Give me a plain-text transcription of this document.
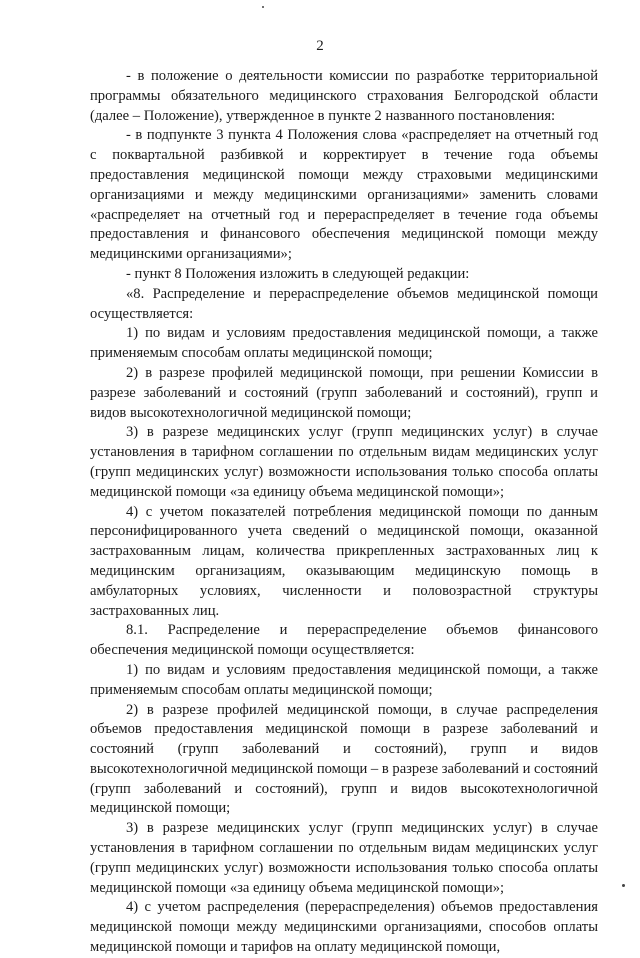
2

- в положение о деятельности комиссии по разработке территориальной программы обязательного медицинского страхования Белгородской области (далее – Положение), утвержденное в пункте 2 названного постановления:

- в подпункте 3 пункта 4 Положения слова «распределяет на отчетный год с поквартальной разбивкой и корректирует в течение года объемы предоставления медицинской помощи между страховыми медицинскими организациями и между медицинскими организациями» заменить словами «распределяет на отчетный год и перераспределяет в течение года объемы предоставления и финансового обеспечения медицинской помощи между медицинскими организациями»;

- пункт 8 Положения изложить в следующей редакции:

«8. Распределение и перераспределение объемов медицинской помощи осуществляется:

1) по видам и условиям предоставления медицинской помощи, а также применяемым способам оплаты медицинской помощи;

2) в разрезе профилей медицинской помощи, при решении Комиссии в разрезе заболеваний и состояний (групп заболеваний и состояний), групп и видов высокотехнологичной медицинской помощи;

3) в разрезе медицинских услуг (групп медицинских услуг) в случае установления в тарифном соглашении по отдельным видам медицинских услуг (групп медицинских услуг) возможности использования только способа оплаты медицинской помощи «за единицу объема медицинской помощи»;

4) с учетом показателей потребления медицинской помощи по данным персонифицированного учета сведений о медицинской помощи, оказанной застрахованным лицам, количества прикрепленных застрахованных лиц к медицинским организациям, оказывающим медицинскую помощь в амбулаторных условиях, численности и половозрастной структуры застрахованных лиц.

8.1. Распределение и перераспределение объемов финансового обеспечения медицинской помощи осуществляется:

1) по видам и условиям предоставления медицинской помощи, а также применяемым способам оплаты медицинской помощи;

2) в разрезе профилей медицинской помощи, в случае распределения объемов предоставления медицинской помощи в разрезе заболеваний и состояний (групп заболеваний и состояний), групп и видов высокотехнологичной медицинской помощи – в разрезе заболеваний и состояний (групп заболеваний и состояний), групп и видов высокотехнологичной медицинской помощи;

3) в разрезе медицинских услуг (групп медицинских услуг) в случае установления в тарифном соглашении по отдельным видам медицинских услуг (групп медицинских услуг) возможности использования только способа оплаты медицинской помощи «за единицу объема медицинской помощи»;

4) с учетом распределения (перераспределения) объемов предоставления медицинской помощи между медицинскими организациями, способов оплаты медицинской помощи и тарифов на оплату медицинской помощи,
